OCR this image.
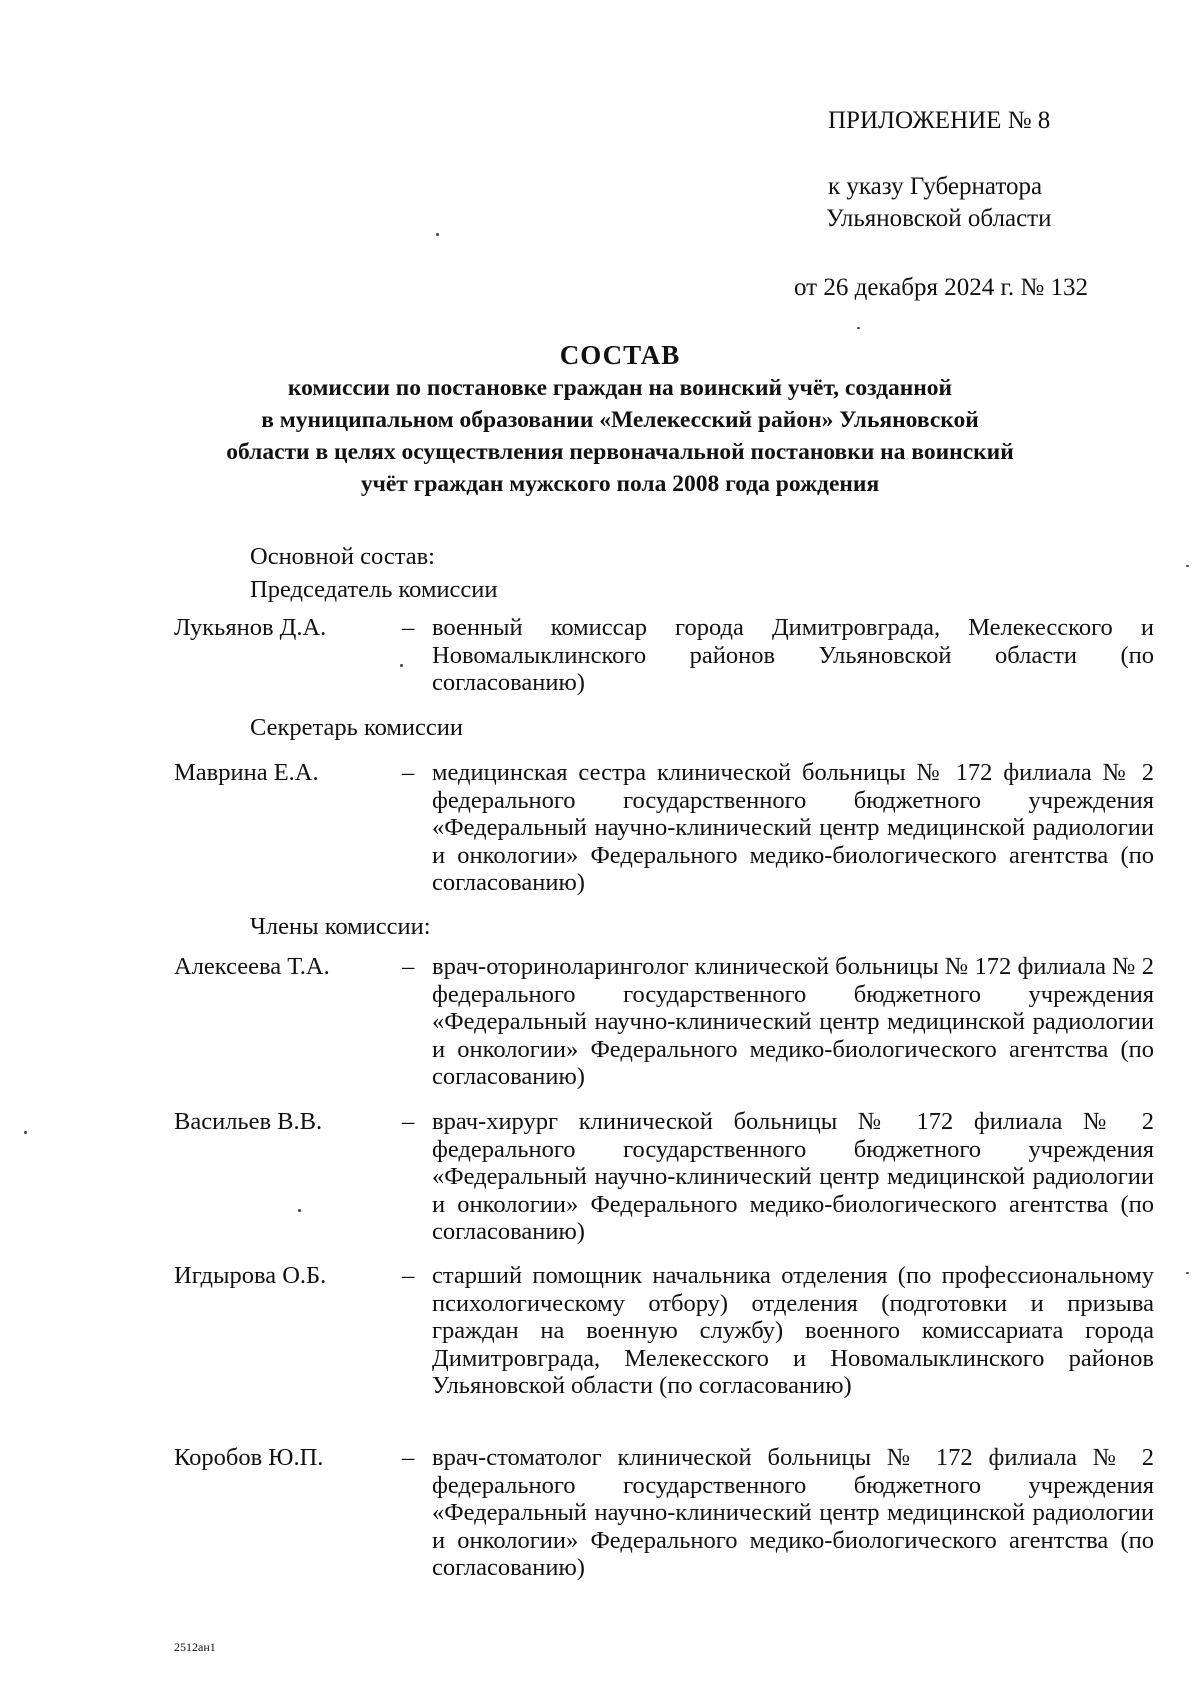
ПРИЛОЖЕНИЕ № 8
к указу Губернатора
Ульяновской области
от 26 декабря 2024 г. № 132
СОСТАВ
комиссии по постановке граждан на воинский учёт, созданной
в муниципальном образовании «Мелекесский район» Ульяновской
области в целях осуществления первоначальной постановки на воинский
учёт граждан мужского пола 2008 года рождения
Основной состав:
Председатель комиссии
Лукьянов Д.А.	– военный комиссар города Димитровграда, Мелекесского и Новомалыклинского районов Ульяновской области (по согласованию)
Секретарь комиссии
Маврина Е.А.	– медицинская сестра клинической больницы № 172 филиала № 2 федерального государственного бюджетного учреждения «Федеральный научно-клинический центр медицинской радиологии и онкологии» Федерального медико-биологического агентства (по согласованию)
Члены комиссии:
Алексеева Т.А.	– врач-оториноларинголог клинической больницы № 172 филиала № 2 федерального государственного бюджетного учреждения «Федеральный научно-клинический центр медицинской радиологии и онкологии» Федерального медико-биологического агентства (по согласованию)
Васильев В.В.	– врач-хирург клинической больницы № 172 филиала № 2 федерального государственного бюджетного учреждения «Федеральный научно-клинический центр медицинской радиологии и онкологии» Федерального медико-биологического агентства (по согласованию)
Игдырова О.Б.	– старший помощник начальника отделения (по профессиональному психологическому отбору) отделения (подготовки и призыва граждан на военную службу) военного комиссариата города Димитровграда, Мелекесского и Новомалыклинского районов Ульяновской области (по согласованию)
Коробов Ю.П.	– врач-стоматолог клинической больницы № 172 филиала № 2 федерального государственного бюджетного учреждения «Федеральный научно-клинический центр медицинской радиологии и онкологии» Федерального медико-биологического агентства (по согласованию)
2512ан1
